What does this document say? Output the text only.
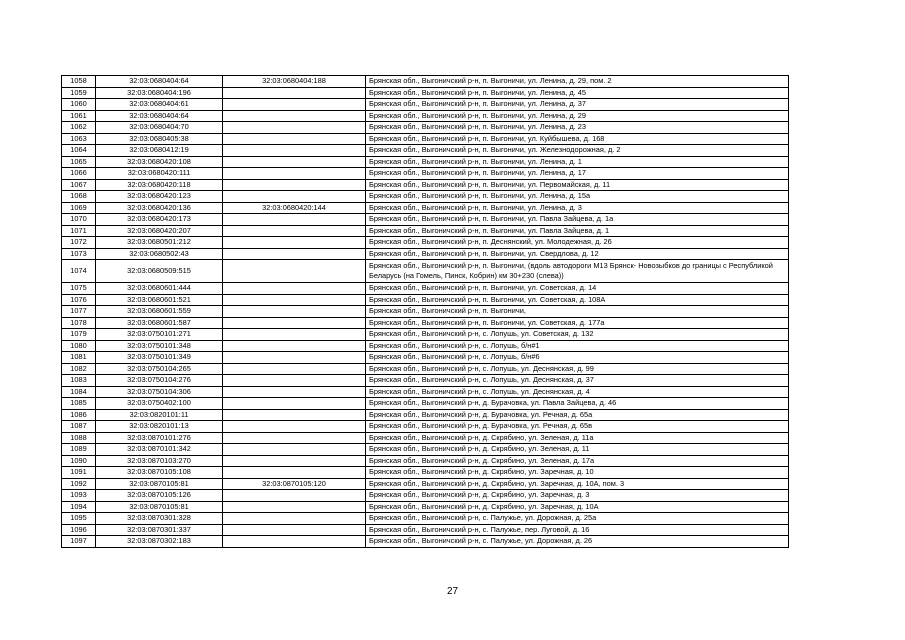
1058	32:03:0680404:64	32:03:0680404:188	Брянская обл., Выгоничский р-н, п. Выгоничи, ул. Ленина, д. 29, пом. 2
1059	32:03:0680404:196		Брянская обл., Выгоничский р-н, п. Выгоничи, ул. Ленина, д. 45
1060	32:03:0680404:61		Брянская обл., Выгоничский р-н, п. Выгоничи, ул. Ленина, д. 37
1061	32:03:0680404:64		Брянская обл., Выгоничский р-н, п. Выгоничи, ул. Ленина, д. 29
1062	32:03:0680404:70		Брянская обл., Выгоничский р-н, п. Выгоничи, ул. Ленина, д. 23
1063	32:03:0680405:38		Брянская обл., Выгоничский р-н, п. Выгоничи, ул. Куйбышева, д. 168
1064	32:03:0680412:19		Брянская обл., Выгоничский р-н, п. Выгоничи, ул. Железнодорожная, д. 2
1065	32:03:0680420:108		Брянская обл., Выгоничский р-н, п. Выгоничи, ул. Ленина, д. 1
1066	32:03:0680420:111		Брянская обл., Выгоничский р-н, п. Выгоничи, ул. Ленина, д. 17
1067	32:03:0680420:118		Брянская обл., Выгоничский р-н, п. Выгоничи, ул. Первомайская, д. 11
1068	32:03:0680420:123		Брянская обл., Выгоничский р-н, п. Выгоничи, ул. Ленина, д. 15а
1069	32:03:0680420:136	32:03:0680420:144	Брянская обл., Выгоничский р-н, п. Выгоничи, ул. Ленина, д. 3
1070	32:03:0680420:173		Брянская обл., Выгоничский р-н, п. Выгоничи, ул. Павла Зайцева, д. 1а
1071	32:03:0680420:207		Брянская обл., Выгоничский р-н, п. Выгоничи, ул. Павла Зайцева, д. 1
1072	32:03:0680501:212		Брянская обл., Выгоничский р-н, п. Деснянский, ул. Молодежная, д. 26
1073	32:03:0680502:43		Брянская обл., Выгоничский р-н, п. Выгоничи, ул. Свердлова, д. 12
1074	32:03:0680509:515		Брянская обл., Выгоничский р-н, п. Выгоничи, (вдоль автодороги М13 Брянск- Новозыбков до границы с Республикой Беларусь (на Гомель, Пинск, Кобрин) км 30+230 (слева))
1075	32:03:0680601:444		Брянская обл., Выгоничский р-н, п. Выгоничи, ул. Советская, д. 14
1076	32:03:0680601:521		Брянская обл., Выгоничский р-н, п. Выгоничи, ул. Советская, д. 108А
1077	32:03:0680601:559		Брянская обл., Выгоничский р-н, п. Выгоничи,
1078	32:03:0680601:587		Брянская обл., Выгоничский р-н, п. Выгоничи, ул. Советская, д. 177а
1079	32:03:0750101:271		Брянская обл., Выгоничский р-н, с. Лопушь, ул. Советская, д. 132
1080	32:03:0750101:348		Брянская обл., Выгоничский р-н, с. Лопушь, б/н#1
1081	32:03:0750101:349		Брянская обл., Выгоничский р-н, с. Лопушь, б/н#6
1082	32:03:0750104:265		Брянская обл., Выгоничский р-н, с. Лопушь, ул. Деснянская, д. 99
1083	32:03:0750104:276		Брянская обл., Выгоничский р-н, с. Лопушь, ул. Деснянская, д. 37
1084	32:03:0750104:306		Брянская обл., Выгоничский р-н, с. Лопушь, ул. Деснянская, д. 4
1085	32:03:0750402:100		Брянская обл., Выгоничский р-н, д. Бурачовка, ул. Павла Зайцева, д. 46
1086	32:03:0820101:11		Брянская обл., Выгоничский р-н, д. Бурачовка, ул. Речная, д. 65а
1087	32:03:0820101:13		Брянская обл., Выгоничский р-н, д. Бурачовка, ул. Речная, д. 65в
1088	32:03:0870101:276		Брянская обл., Выгоничский р-н, д. Скрябино, ул. Зеленая, д. 11а
1089	32:03:0870101:342		Брянская обл., Выгоничский р-н, д. Скрябино, ул. Зеленая, д. 11
1090	32:03:0870103:270		Брянская обл., Выгоничский р-н, д. Скрябино, ул. Зеленая, д. 17а
1091	32:03:0870105:108		Брянская обл., Выгоничский р-н, д. Скрябино, ул. Заречная, д. 10
1092	32:03:0870105:81	32:03:0870105:120	Брянская обл., Выгоничский р-н, д. Скрябино, ул. Заречная, д. 10А, пом. 3
1093	32:03:0870105:126		Брянская обл., Выгоничский р-н, д. Скрябино, ул. Заречная, д. 3
1094	32:03:0870105:81		Брянская обл., Выгоничский р-н, д. Скрябино, ул. Заречная, д. 10А
1095	32:03:0870301:328		Брянская обл., Выгоничский р-н, с. Палужье, ул. Дорожная, д. 25а
1096	32:03:0870301:337		Брянская обл., Выгоничский р-н, с. Палужье, пер. Луговой, д. 16
1097	32:03:0870302:183		Брянская обл., Выгоничский р-н, с. Палужье, ул. Дорожная, д. 26
27
